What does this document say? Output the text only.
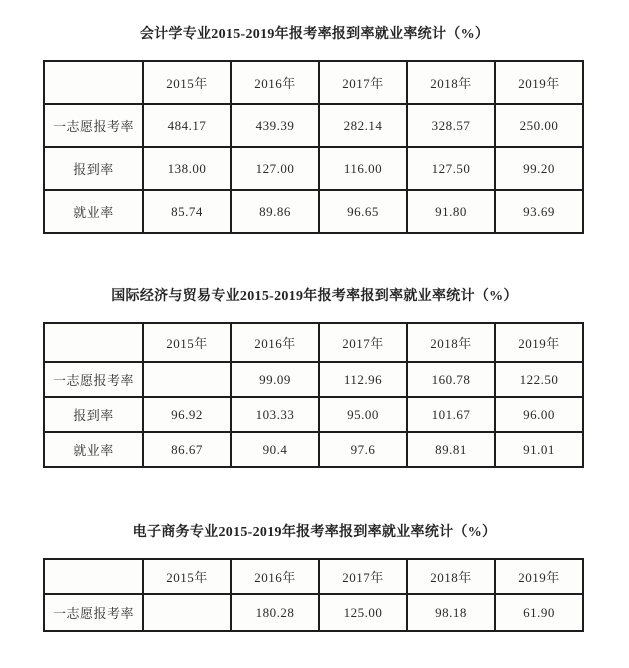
会计学专业2015-2019年报考率报到率就业率统计（%）
	2015年	2016年	2017年	2018年	2019年
一志愿报考率	484.17	439.39	282.14	328.57	250.00
报到率	138.00	127.00	116.00	127.50	99.20
就业率	85.74	89.86	96.65	91.80	93.69
国际经济与贸易专业2015-2019年报考率报到率就业率统计（%）
	2015年	2016年	2017年	2018年	2019年
一志愿报考率		99.09	112.96	160.78	122.50
报到率	96.92	103.33	95.00	101.67	96.00
就业率	86.67	90.4	97.6	89.81	91.01
电子商务专业2015-2019年报考率报到率就业率统计（%）
	2015年	2016年	2017年	2018年	2019年
一志愿报考率		180.28	125.00	98.18	61.90
